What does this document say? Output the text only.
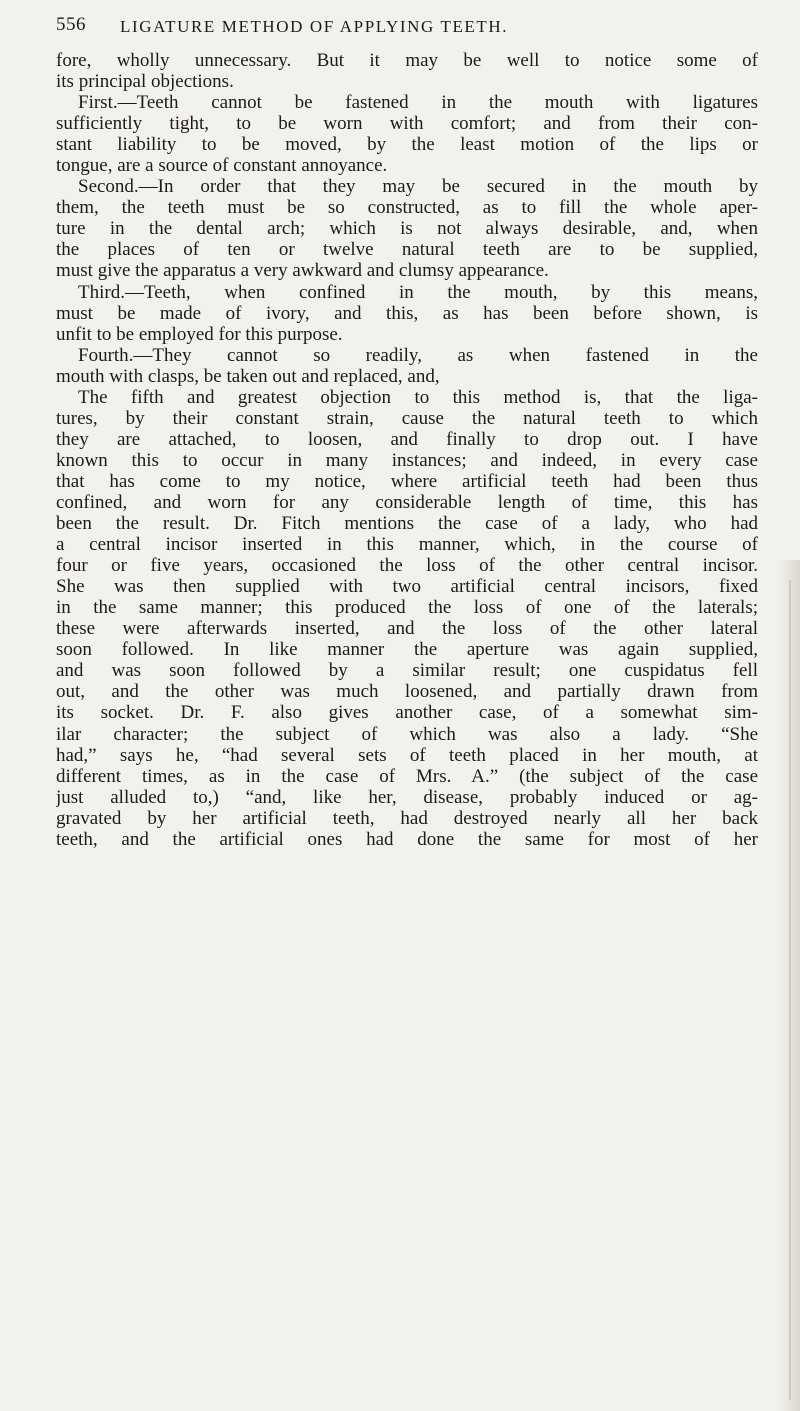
556 LIGATURE METHOD OF APPLYING TEETH.
fore, wholly unnecessary. But it may be well to notice some of
its principal objections.
First.—Teeth cannot be fastened in the mouth with ligatures
sufficiently tight, to be worn with comfort; and from their con-
stant liability to be moved, by the least motion of the lips or
tongue, are a source of constant annoyance.
Second.—In order that they may be secured in the mouth by
them, the teeth must be so constructed, as to fill the whole aper-
ture in the dental arch; which is not always desirable, and, when
the places of ten or twelve natural teeth are to be supplied,
must give the apparatus a very awkward and clumsy appearance.
Third.—Teeth, when confined in the mouth, by this means,
must be made of ivory, and this, as has been before shown, is
unfit to be employed for this purpose.
Fourth.—They cannot so readily, as when fastened in the
mouth with clasps, be taken out and replaced, and,
The fifth and greatest objection to this method is, that the liga-
tures, by their constant strain, cause the natural teeth to which
they are attached, to loosen, and finally to drop out. I have
known this to occur in many instances; and indeed, in every case
that has come to my notice, where artificial teeth had been thus
confined, and worn for any considerable length of time, this has
been the result. Dr. Fitch mentions the case of a lady, who had
a central incisor inserted in this manner, which, in the course of
four or five years, occasioned the loss of the other central incisor.
She was then supplied with two artificial central incisors, fixed
in the same manner; this produced the loss of one of the laterals;
these were afterwards inserted, and the loss of the other lateral
soon followed. In like manner the aperture was again supplied,
and was soon followed by a similar result; one cuspidatus fell
out, and the other was much loosened, and partially drawn from
its socket. Dr. F. also gives another case, of a somewhat sim-
ilar character; the subject of which was also a lady. “She
had,” says he, “had several sets of teeth placed in her mouth, at
different times, as in the case of Mrs. A.” (the subject of the case
just alluded to,) “and, like her, disease, probably induced or ag-
gravated by her artificial teeth, had destroyed nearly all her back
teeth, and the artificial ones had done the same for most of her
